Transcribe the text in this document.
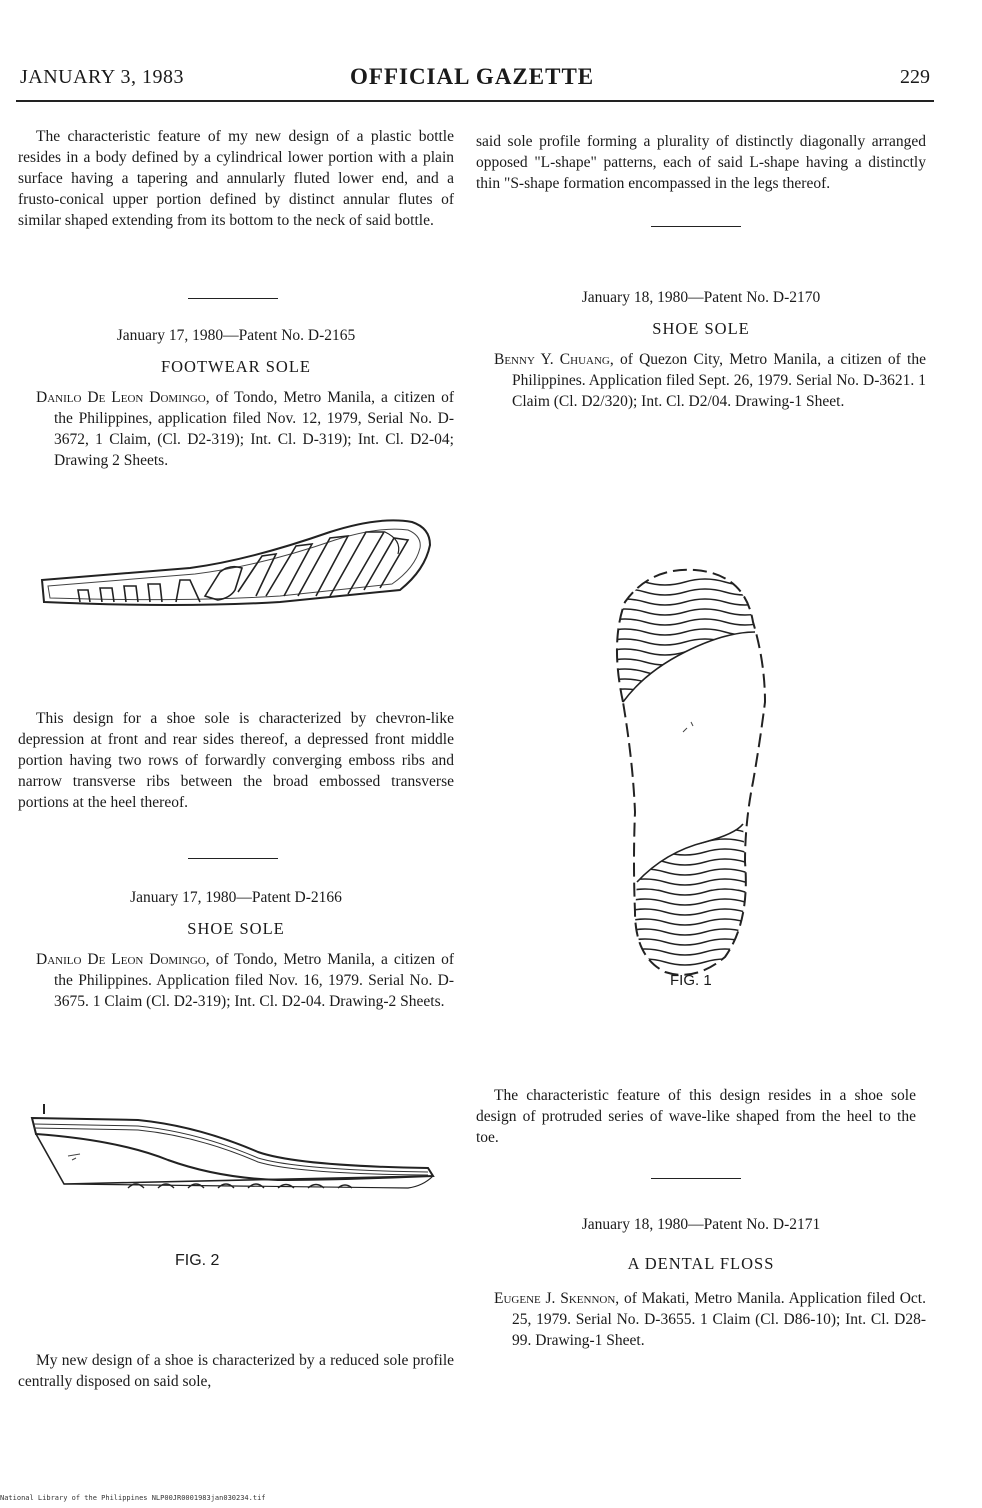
JANUARY 3, 1983	OFFICIAL GAZETTE	229

The characteristic feature of my new design of a plastic bottle resides in a body defined by a cylindrical lower portion with a plain surface having a tapering and annularly fluted lower end, and a frusto-conical upper portion defined by distinct annular flutes of similar shaped extending from its bottom to the neck of said bottle.

January 17, 1980—Patent No. D-2165
FOOTWEAR SOLE
Danilo De Leon Domingo, of Tondo, Metro Manila, a citizen of the Philippines, application filed Nov. 12, 1979, Serial No. D-3672, 1 Claim, (Cl. D2-319); Int. Cl. D-319); Int. Cl. D2-04; Drawing 2 Sheets.

This design for a shoe sole is characterized by chevron-like depression at front and rear sides thereof, a depressed front middle portion having two rows of forwardly converging emboss ribs and narrow transverse ribs between the broad embossed transverse portions at the heel thereof.

January 17, 1980—Patent D-2166
SHOE SOLE
Danilo De Leon Domingo, of Tondo, Metro Manila, a citizen of the Philippines. Application filed Nov. 16, 1979. Serial No. D-3675. 1 Claim (Cl. D2-319); Int. Cl. D2-04. Drawing-2 Sheets.
FIG. 2

My new design of a shoe is characterized by a reduced sole profile centrally disposed on said sole,

said sole profile forming a plurality of distinctly diagonally arranged opposed "L-shape" patterns, each of said L-shape having a distinctly thin "S-shape formation encompassed in the legs thereof.

January 18, 1980—Patent No. D-2170
SHOE SOLE
Benny Y. Chuang, of Quezon City, Metro Manila, a citizen of the Philippines. Application filed Sept. 26, 1979. Serial No. D-3621. 1 Claim (Cl. D2/320); Int. Cl. D2/04. Drawing-1 Sheet.
FIG. 1

The characteristic feature of this design resides in a shoe sole design of protruded series of wave-like shaped from the heel to the toe.

January 18, 1980—Patent No. D-2171
A DENTAL FLOSS
Eugene J. Skennon, of Makati, Metro Manila. Application filed Oct. 25, 1979. Serial No. D-3655. 1 Claim (Cl. D86-10); Int. Cl. D28-99. Drawing-1 Sheet.
National Library of the Philippines NLP00JR0001983jan030234.tif
